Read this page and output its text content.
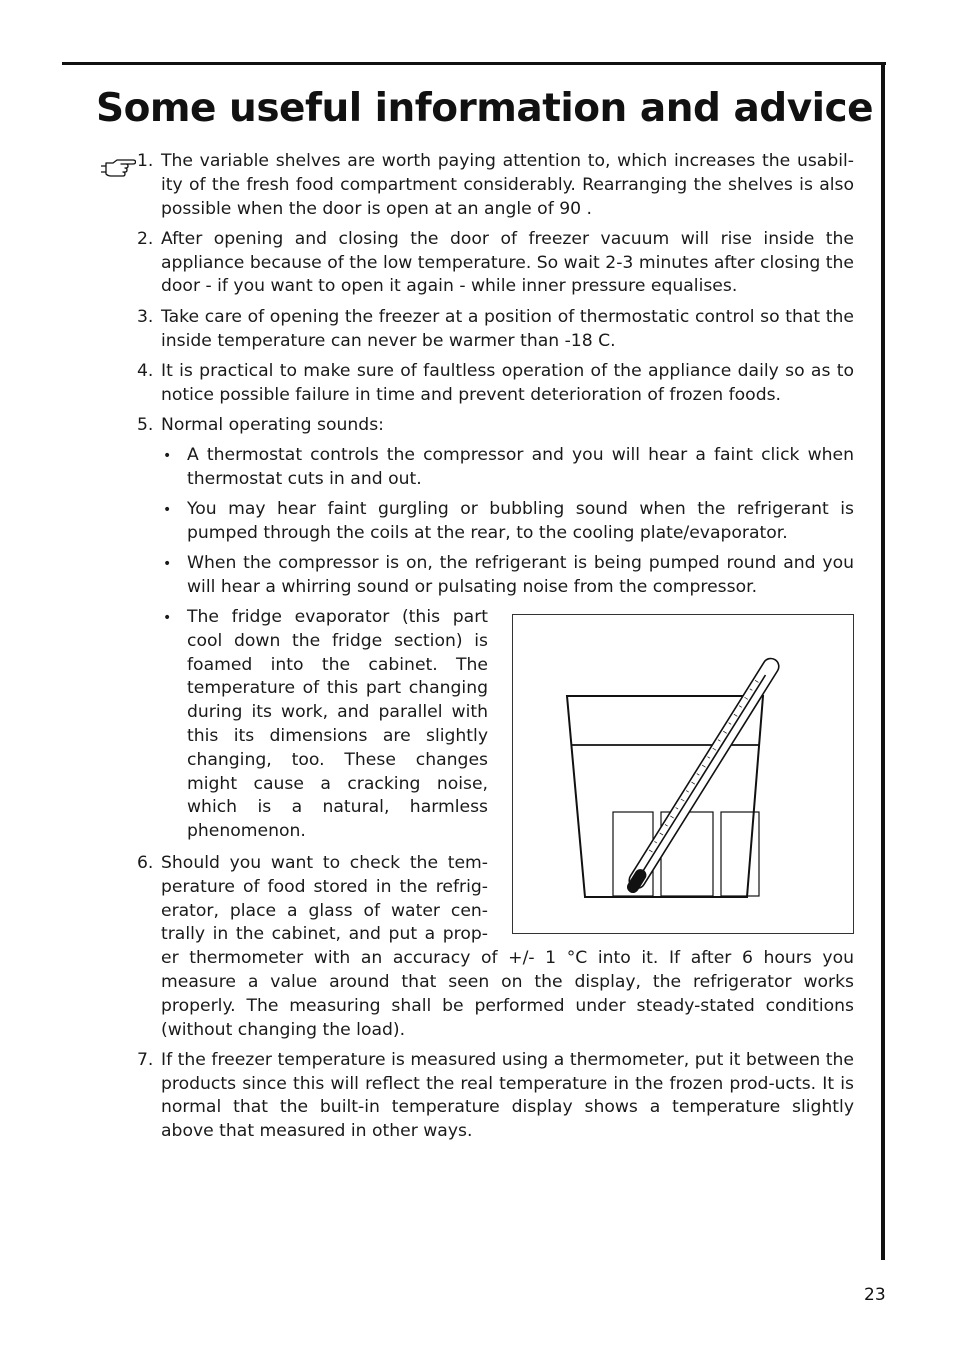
Some useful information and advice
1. The variable shelves are worth paying attention to, which increases the usabil-ity of the fresh food compartment considerably. Rearranging the shelves is also possible when the door is open at an angle of 90 .
2. After opening and closing the door of freezer vacuum will rise inside the appliance because of the low temperature. So wait 2-3 minutes after closing the door - if you want to open it again - while inner pressure equalises.
3. Take care of opening the freezer at a position of thermostatic control so that the inside temperature can never be warmer than -18 C.
4. It is practical to make sure of faultless operation of the appliance daily so as to notice possible failure in time and prevent deterioration of frozen foods.
5. Normal operating sounds:
• A thermostat controls the compressor and you will hear a faint click when thermostat cuts in and out.
• You may hear faint gurgling or bubbling sound when the refrigerant is pumped through the coils at the rear, to the cooling plate/evaporator.
• When the compressor is on, the refrigerant is being pumped round and you will hear a whirring sound or pulsating noise from the compressor.
• The fridge evaporator (this part cool down the fridge section) is foamed into the cabinet. The temperature of this part changing during its work, and parallel with this its dimensions are slightly changing, too. These changes might cause a cracking noise, which is a natural, harmless phenomenon.
6. Should you want to check the tem-perature of food stored in the refrig-erator, place a glass of water cen-trally in the cabinet, and put a prop-er thermometer with an accuracy of +/- 1 °C into it. If after 6 hours you measure a value around that seen on the display, the refrigerator works properly. The measuring shall be performed under steady-stated conditions (without changing the load).
7. If the freezer temperature is measured using a thermometer, put it between the products since this will reflect the real temperature in the frozen prod-ucts. It is normal that the built-in temperature display shows a temperature slightly above that measured in other ways.
23
